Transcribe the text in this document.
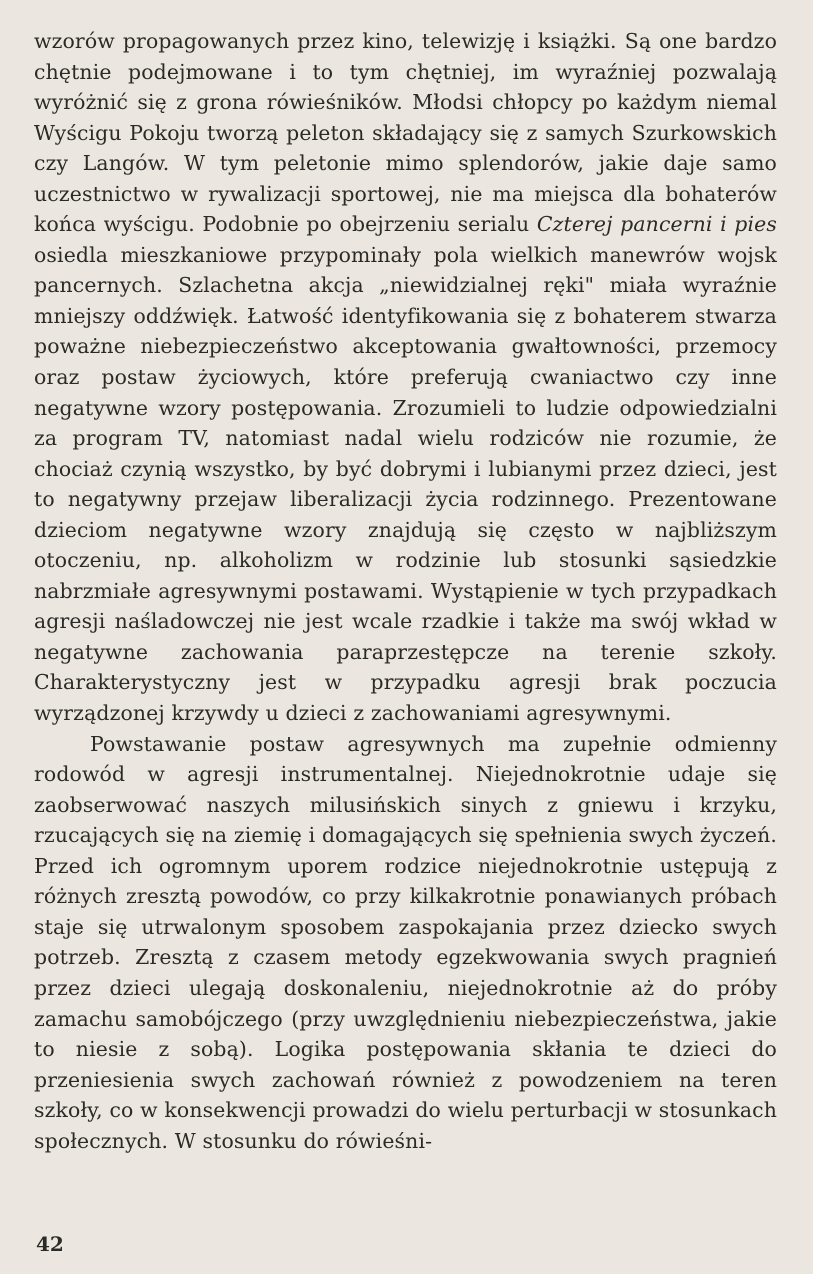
wzorów propagowanych przez kino, telewizję i książki. Są one bardzo chętnie podejmowane i to tym chętniej, im wyraźniej pozwalają wyróżnić się z grona rówieśników. Młodsi chłopcy po każdym niemal Wyścigu Pokoju tworzą peleton składający się z samych Szurkowskich czy Langów. W tym peletonie mimo splendorów, jakie daje samo uczestnictwo w rywalizacji sportowej, nie ma miejsca dla bohaterów końca wyścigu. Podobnie po obejrzeniu serialu Czterej pancerni i pies osiedla mieszkaniowe przypominały pola wielkich manewrów wojsk pancernych. Szlachetna akcja „niewidzialnej ręki" miała wyraźnie mniejszy oddźwięk. Łatwość identyfikowania się z bohaterem stwarza poważne niebezpieczeństwo akceptowania gwałtowności, przemocy oraz postaw życiowych, które preferują cwaniactwo czy inne negatywne wzory postępowania. Zrozumieli to ludzie odpowiedzialni za program TV, natomiast nadal wielu rodziców nie rozumie, że chociaż czynią wszystko, by być dobrymi i lubianymi przez dzieci, jest to negatywny przejaw liberalizacji życia rodzinnego. Prezentowane dzieciom negatywne wzory znajdują się często w najbliższym otoczeniu, np. alkoholizm w rodzinie lub stosunki sąsiedzkie nabrzmiałe agresywnymi postawami. Wystąpienie w tych przypadkach agresji naśladowczej nie jest wcale rzadkie i także ma swój wkład w negatywne zachowania paraprzestępcze na terenie szkoły. Charakterystyczny jest w przypadku agresji brak poczucia wyrządzonej krzywdy u dzieci z zachowaniami agresywnymi.

Powstawanie postaw agresywnych ma zupełnie odmienny rodowód w agresji instrumentalnej. Niejednokrotnie udaje się zaobserwować naszych milusińskich sinych z gniewu i krzyku, rzucających się na ziemię i domagających się spełnienia swych życzeń. Przed ich ogromnym uporem rodzice niejednokrotnie ustępują z różnych zresztą powodów, co przy kilkakrotnie ponawianych próbach staje się utrwalonym sposobem zaspokajania przez dziecko swych potrzeb. Zresztą z czasem metody egzekwowania swych pragnień przez dzieci ulegają doskonaleniu, niejednokrotnie aż do próby zamachu samobójczego (przy uwzględnieniu niebezpieczeństwa, jakie to niesie z sobą). Logika postępowania skłania te dzieci do przeniesienia swych zachowań również z powodzeniem na teren szkoły, co w konsekwencji prowadzi do wielu perturbacji w stosunkach społecznych. W stosunku do rówieśni-

42
